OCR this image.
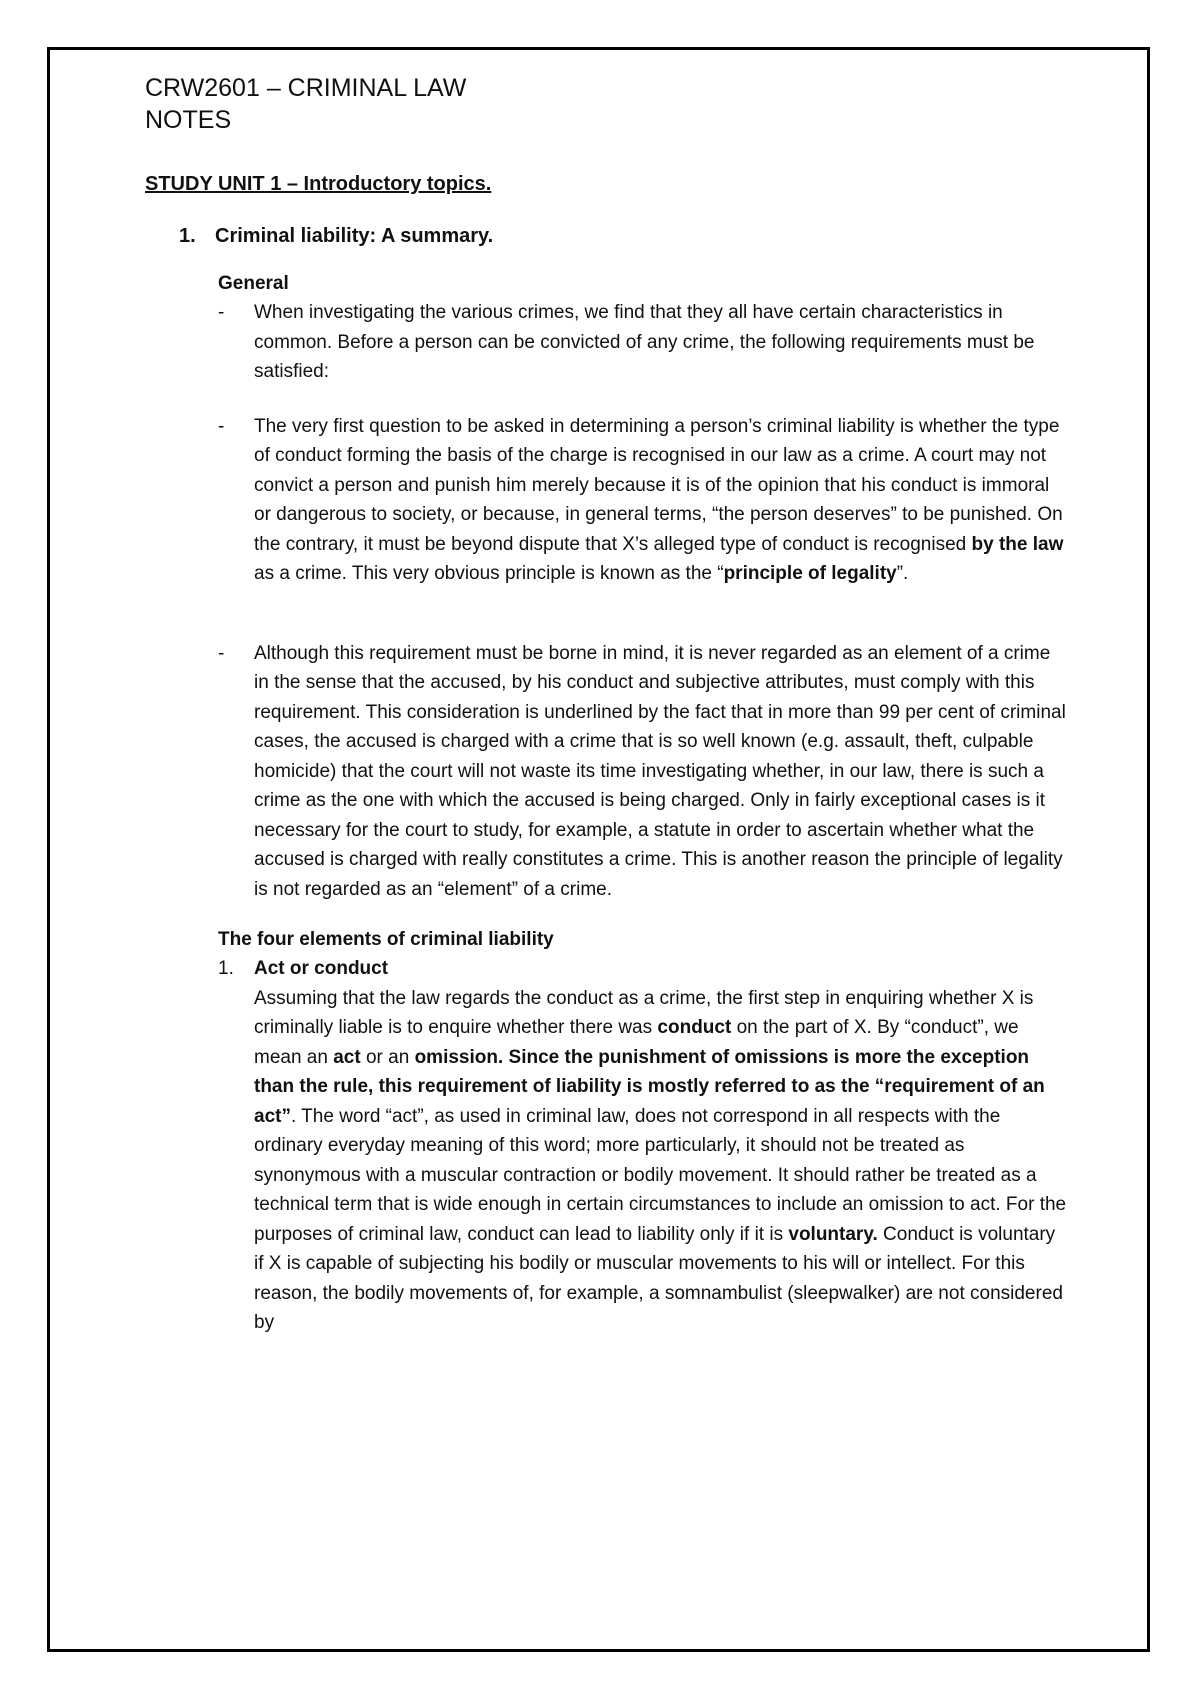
CRW2601 – CRIMINAL LAW
NOTES
STUDY UNIT 1 – Introductory topics.
1. Criminal liability: A summary.
General
-	When investigating the various crimes, we find that they all have certain characteristics in common. Before a person can be convicted of any crime, the following requirements must be satisfied:
-	The very first question to be asked in determining a person’s criminal liability is whether the type of conduct forming the basis of the charge is recognised in our law as a crime. A court may not convict a person and punish him merely because it is of the opinion that his conduct is immoral or dangerous to society, or because, in general terms, “the person deserves” to be punished. On the contrary, it must be beyond dispute that X’s alleged type of conduct is recognised by the law as a crime. This very obvious principle is known as the “principle of legality”.
-	Although this requirement must be borne in mind, it is never regarded as an element of a crime in the sense that the accused, by his conduct and subjective attributes, must comply with this requirement. This consideration is underlined by the fact that in more than 99 per cent of criminal cases, the accused is charged with a crime that is so well known (e.g. assault, theft, culpable homicide) that the court will not waste its time investigating whether, in our law, there is such a crime as the one with which the accused is being charged. Only in fairly exceptional cases is it necessary for the court to study, for example, a statute in order to ascertain whether what the accused is charged with really constitutes a crime. This is another reason the principle of legality is not regarded as an “element” of a crime.
The four elements of criminal liability
1.	Act or conduct
Assuming that the law regards the conduct as a crime, the first step in enquiring whether X is criminally liable is to enquire whether there was conduct on the part of X. By “conduct”, we mean an act or an omission. Since the punishment of omissions is more the exception than the rule, this requirement of liability is mostly referred to as the “requirement of an act”. The word “act”, as used in criminal law, does not correspond in all respects with the ordinary everyday meaning of this word; more particularly, it should not be treated as synonymous with a muscular contraction or bodily movement. It should rather be treated as a technical term that is wide enough in certain circumstances to include an omission to act. For the purposes of criminal law, conduct can lead to liability only if it is voluntary. Conduct is voluntary if X is capable of subjecting his bodily or muscular movements to his will or intellect. For this reason, the bodily movements of, for example, a somnambulist (sleepwalker) are not considered by
